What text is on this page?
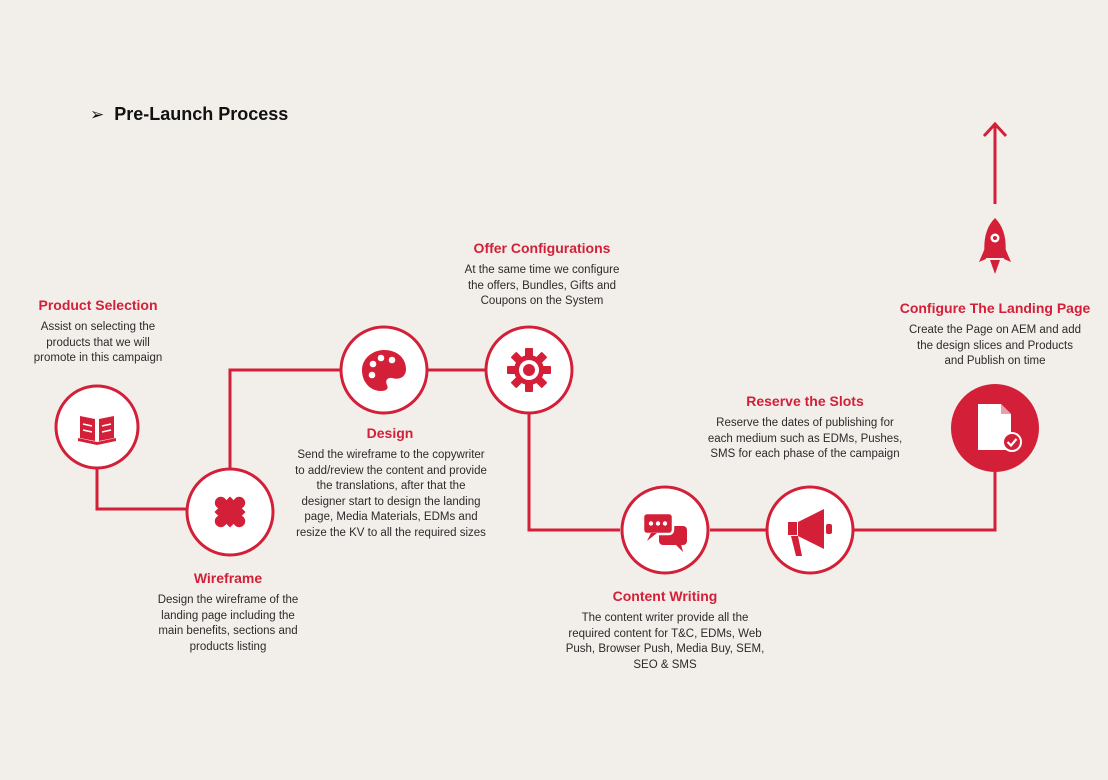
➢ Pre-Launch Process
Product Selection
Assist on selecting the
products that we will
promote in this campaign
Wireframe
Design the wireframe of the
landing page including the
main benefits, sections and
products listing
Design
Send the wireframe to the copywriter
to add/review the content and provide
the translations, after that the
designer start to design the landing
page, Media Materials, EDMs and
resize the KV to all the required sizes
Offer Configurations
At the same time we configure
the offers, Bundles, Gifts and
Coupons on the System
Content Writing
The content writer provide all the
required content for T&C, EDMs, Web
Push, Browser Push, Media Buy, SEM,
SEO & SMS
Reserve the Slots
Reserve the dates of publishing for
each medium such as EDMs, Pushes,
SMS for each phase of the campaign
Configure The Landing Page
Create the Page on AEM and add
the design slices and Products
and Publish on time
